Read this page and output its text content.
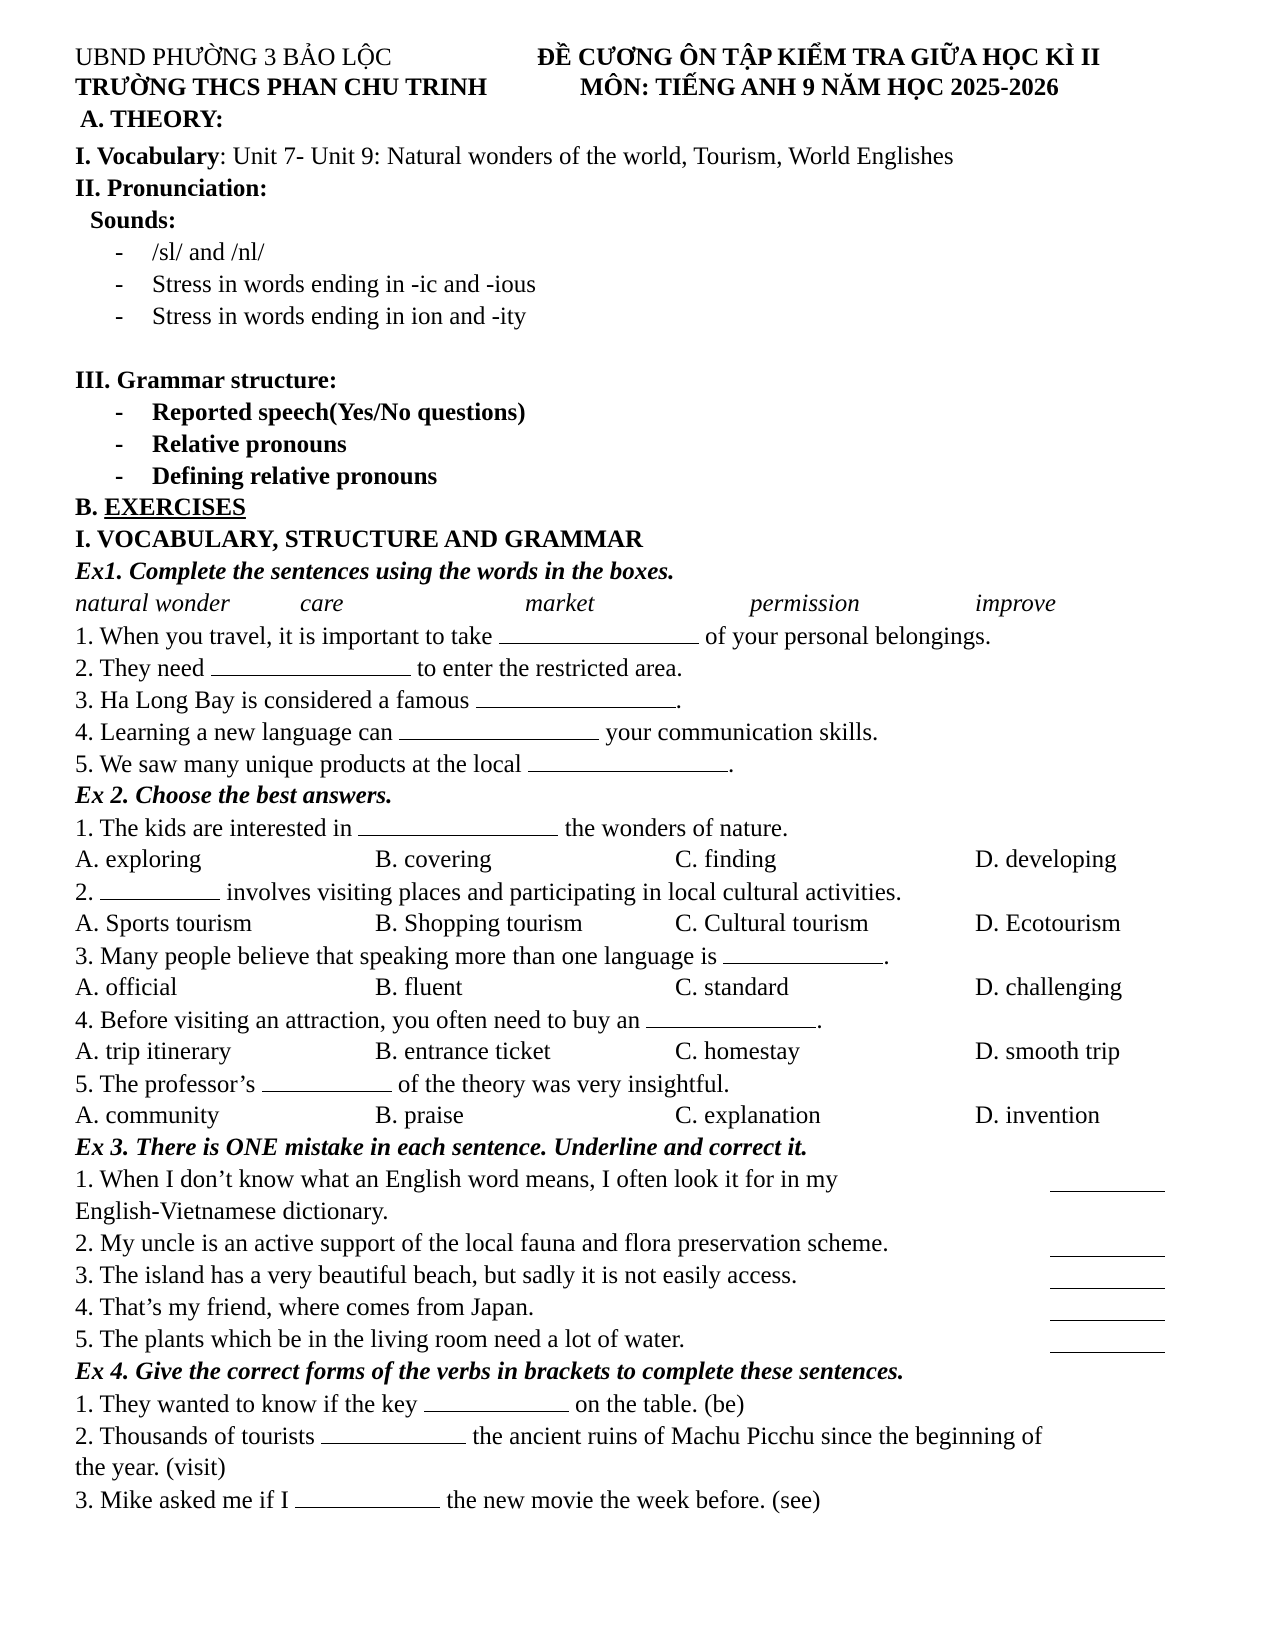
UBND PHƯỜNG 3 BẢO LỘC
TRƯỜNG THCS PHAN CHU TRINH
ĐỀ CƯƠNG ÔN TẬP KIỂM TRA GIỮA HỌC KÌ II
MÔN: TIẾNG ANH 9 NĂM HỌC 2025-2026
A. THEORY:
I. Vocabulary: Unit 7- Unit 9: Natural wonders of the world, Tourism, World Englishes
II. Pronunciation:
Sounds:
- /sl/ and /nl/
- Stress in words ending in -ic and -ious
- Stress in words ending in ion and -ity
III. Grammar structure:
- Reported speech(Yes/No questions)
- Relative pronouns
- Defining relative pronouns
B. EXERCISES
I. VOCABULARY, STRUCTURE AND GRAMMAR
Ex1. Complete the sentences using the words in the boxes.
natural wonder	care	market	permission	improve
1. When you travel, it is important to take	of your personal belongings.
2. They need	to enter the restricted area.
3. Ha Long Bay is considered a famous	.
4. Learning a new language can	your communication skills.
5. We saw many unique products at the local	.
Ex 2. Choose the best answers.
1. The kids are interested in	the wonders of nature.
A. exploring	B. covering	C. finding	D. developing
2.	involves visiting places and participating in local cultural activities.
A. Sports tourism	B. Shopping tourism	C. Cultural tourism	D. Ecotourism
3. Many people believe that speaking more than one language is	.
A. official	B. fluent	C. standard	D. challenging
4. Before visiting an attraction, you often need to buy an	.
A. trip itinerary	B. entrance ticket	C. homestay	D. smooth trip
5. The professor’s	of the theory was very insightful.
A. community	B. praise	C. explanation	D. invention
Ex 3. There is ONE mistake in each sentence. Underline and correct it.
1. When I don’t know what an English word means, I often look it for in my
English-Vietnamese dictionary.
2. My uncle is an active support of the local fauna and flora preservation scheme.
3. The island has a very beautiful beach, but sadly it is not easily access.
4. That’s my friend, where comes from Japan.
5. The plants which be in the living room need a lot of water.
Ex 4. Give the correct forms of the verbs in brackets to complete these sentences.
1. They wanted to know if the key	on the table. (be)
2. Thousands of tourists	the ancient ruins of Machu Picchu since the beginning of
the year. (visit)
3. Mike asked me if I	the new movie the week before. (see)
